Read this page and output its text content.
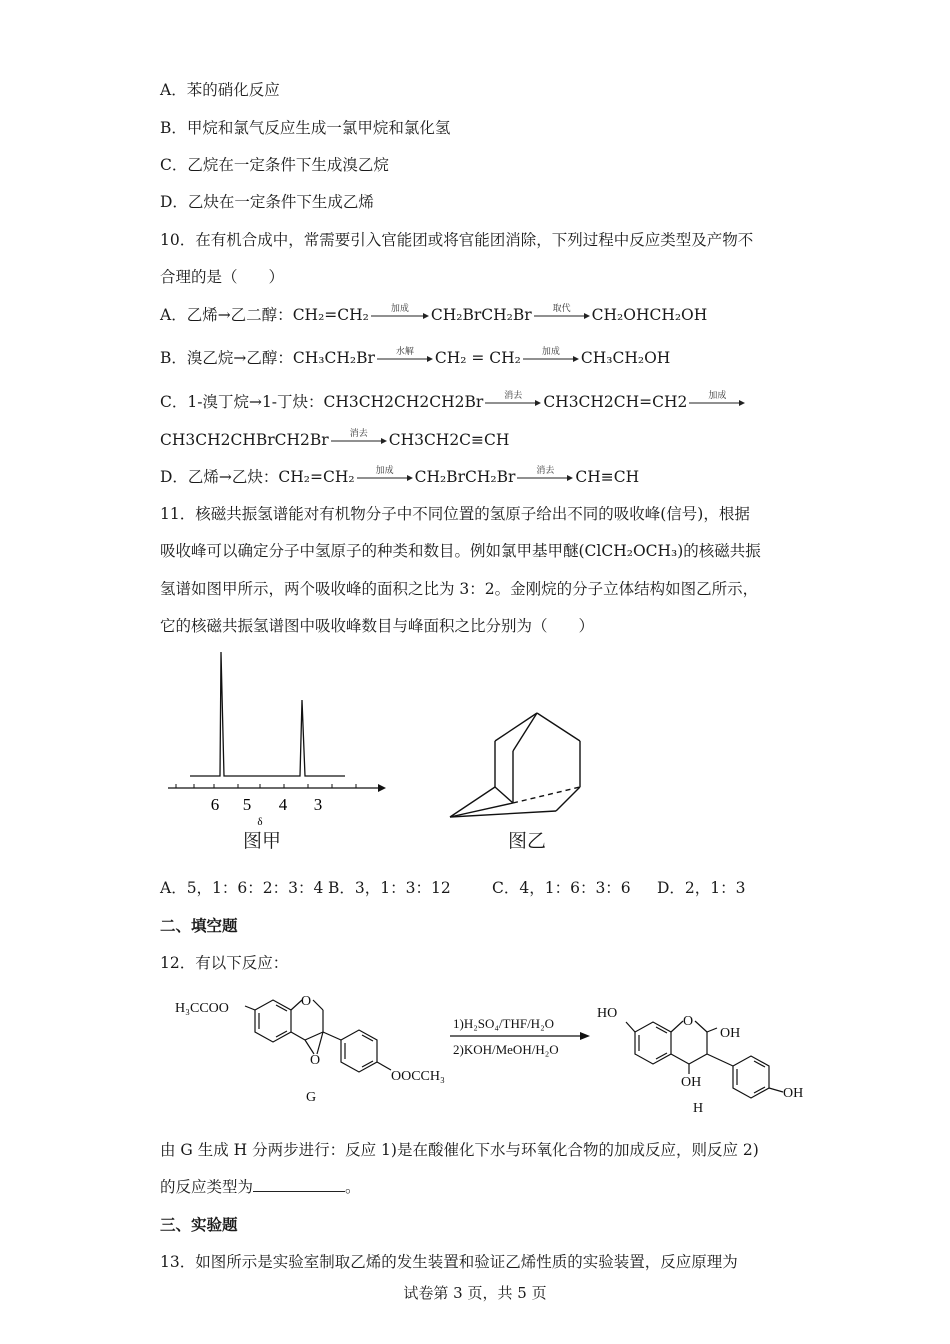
A．苯的硝化反应
B．甲烷和氯气反应生成一氯甲烷和氯化氢
C．乙烷在一定条件下生成溴乙烷
D．乙炔在一定条件下生成乙烯
10．在有机合成中，常需要引入官能团或将官能团消除，下列过程中反应类型及产物不
合理的是（　　）
A．乙烯→乙二醇：CH₂=CH₂	加成	CH₂BrCH₂Br	取代	CH₂OHCH₂OH
B．溴乙烷→乙醇：CH₃CH₂Br	水解	CH₂ = CH₂	加成	CH₃CH₂OH
C．1-溴丁烷→1-丁炔：CH3CH2CH2CH2Br	消去	CH3CH2CH=CH2	加成
CH3CH2CHBrCH2Br	消去	CH3CH2C≡CH
D．乙烯→乙炔：CH₂=CH₂	加成	CH₂BrCH₂Br	消去	CH≡CH
11．核磁共振氢谱能对有机物分子中不同位置的氢原子给出不同的吸收峰(信号)，根据
吸收峰可以确定分子中氢原子的种类和数目。例如氯甲基甲醚(ClCH₂OCH₃)的核磁共振
氢谱如图甲所示，两个吸收峰的面积之比为 3：2。金刚烷的分子立体结构如图乙所示，
它的核磁共振氢谱图中吸收峰数目与峰面积之比分别为（　　）
6 5 4 3
δ
图甲	图乙
A．5，1：6：2：3：4 B．3，1：3：12	C．4，1：6：3：6 D．2，1：3
二、填空题
12．有以下反应：
H₃CCOO	O
O
OOCCH₃
G
1)H₂SO₄/THF/H₂O
2)KOH/MeOH/H₂O
HO
O
OH
OH
OH
H
由 G 生成 H 分两步进行：反应 1)是在酸催化下水与环氧化合物的加成反应，则反应 2)
的反应类型为	。
三、实验题
13．如图所示是实验室制取乙烯的发生装置和验证乙烯性质的实验装置，反应原理为
试卷第 3 页，共 5 页
